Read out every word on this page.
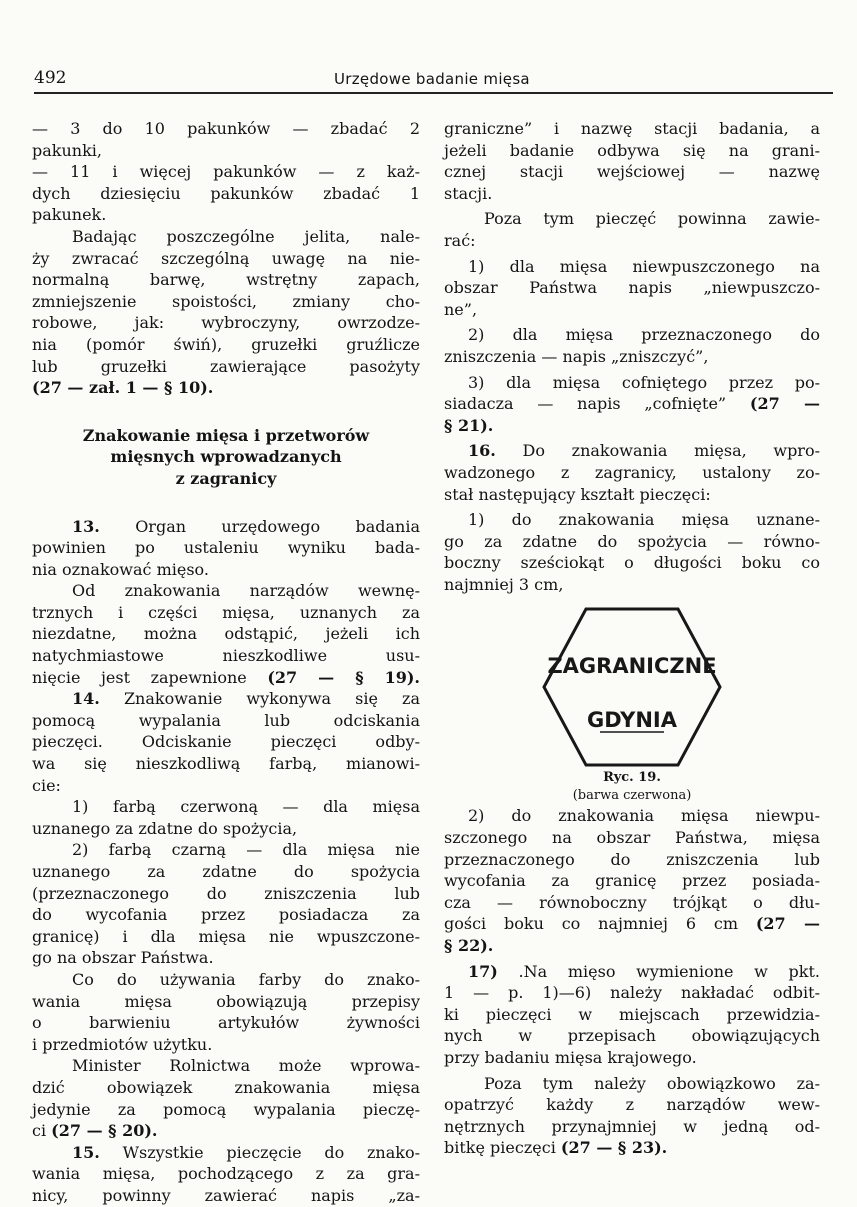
492	Urzędowe badanie mięsa

— 3 do 10 pakunków — zbadać 2

pakunki,

— 11 i więcej pakunków — z każ-

dych dziesięciu pakunków zbadać 1

pakunek.

Badając poszczególne jelita, nale-

ży zwracać szczególną uwagę na nie-

normalną barwę, wstrętny zapach,

zmniejszenie spoistości, zmiany cho-

robowe, jak: wybroczyny, owrzodze-

nia (pomór świń), gruzełki gruźlicze

lub gruzełki zawierające pasożyty

(27 — zał. 1 — § 10).

Znakowanie mięsa i przetworów

mięsnych wprowadzanych

z zagranicy

13. Organ urzędowego badania

powinien po ustaleniu wyniku bada-

nia oznakować mięso.

Od znakowania narządów wewnę-

trznych i części mięsa, uznanych za

niezdatne, można odstąpić, jeżeli ich

natychmiastowe nieszkodliwe usu-

nięcie jest zapewnione (27 — § 19).

14. Znakowanie wykonywa się za

pomocą wypalania lub odciskania

pieczęci. Odciskanie pieczęci odby-

wa się nieszkodliwą farbą, mianowi-

cie:

1) farbą czerwoną — dla mięsa

uznanego za zdatne do spożycia,

2) farbą czarną — dla mięsa nie

uznanego za zdatne do spożycia

(przeznaczonego do zniszczenia lub

do wycofania przez posiadacza za

granicę) i dla mięsa nie wpuszczone-

go na obszar Państwa.

Co do używania farby do znako-

wania mięsa obowiązują przepisy

o barwieniu artykułów żywności

i przedmiotów użytku.

Minister Rolnictwa może wprowa-

dzić obowiązek znakowania mięsa

jedynie za pomocą wypalania pieczę-

ci (27 — § 20).

15. Wszystkie pieczęcie do znako-

wania mięsa, pochodzącego z za gra-

nicy, powinny zawierać napis „za-

graniczne” i nazwę stacji badania, a

jeżeli badanie odbywa się na grani-

cznej stacji wejściowej — nazwę

stacji.

Poza tym pieczęć powinna zawie-

rać:

1) dla mięsa niewpuszczonego na

obszar Państwa napis „niewpuszczo-

ne”,

2) dla mięsa przeznaczonego do

zniszczenia — napis „zniszczyć”,

3) dla mięsa cofniętego przez po-

siadacza — napis „cofnięte” (27 —

§ 21).

16. Do znakowania mięsa, wpro-

wadzonego z zagranicy, ustalony zo-

stał następujący kształt pieczęci:

1) do znakowania mięsa uznane-

go za zdatne do spożycia — równo-

boczny sześciokąt o długości boku co

najmniej 3 cm,

ZAGRANICZNE
GDYNIA

Ryc. 19.

(barwa czerwona)

2) do znakowania mięsa niewpu-

szczonego na obszar Państwa, mięsa

przeznaczonego do zniszczenia lub

wycofania za granicę przez posiada-

cza — równoboczny trójkąt o dłu-

gości boku co najmniej 6 cm (27 —

§ 22).

17) .Na mięso wymienione w pkt.

1 — p. 1)—6) należy nakładać odbit-

ki pieczęci w miejscach przewidzia-

nych w przepisach obowiązujących

przy badaniu mięsa krajowego.

Poza tym należy obowiązkowo za-

opatrzyć każdy z narządów wew-

nętrznych przynajmniej w jedną od-

bitkę pieczęci (27 — § 23).
